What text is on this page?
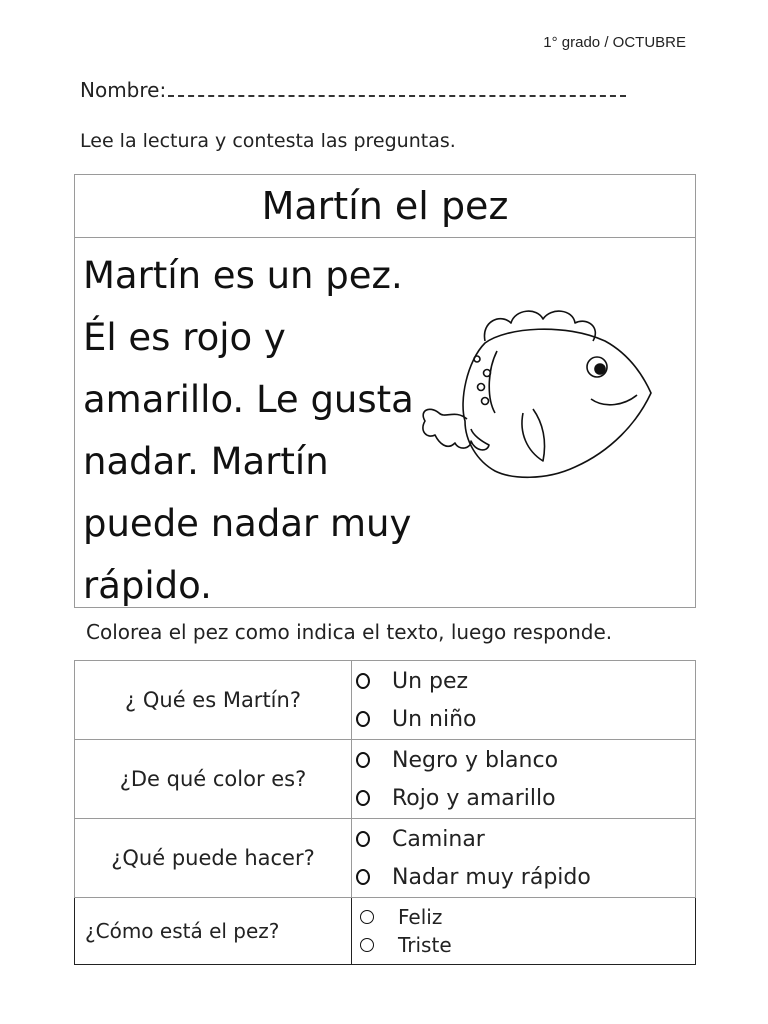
1° grado / OCTUBRE
Nombre:
Lee la lectura y contesta las preguntas.
Martín el pez
Martín es un pez.
Él es rojo y
amarillo. Le gusta
nadar. Martín
puede nadar muy
rápido.
Colorea el pez como indica el texto, luego responde.
¿ Qué es Martín?	Un pez
Un niño

¿De qué color es?	Negro y blanco
Rojo y amarillo

¿Qué puede hacer?	Caminar
Nadar muy rápido

¿Cómo está el pez?	Feliz
Triste
